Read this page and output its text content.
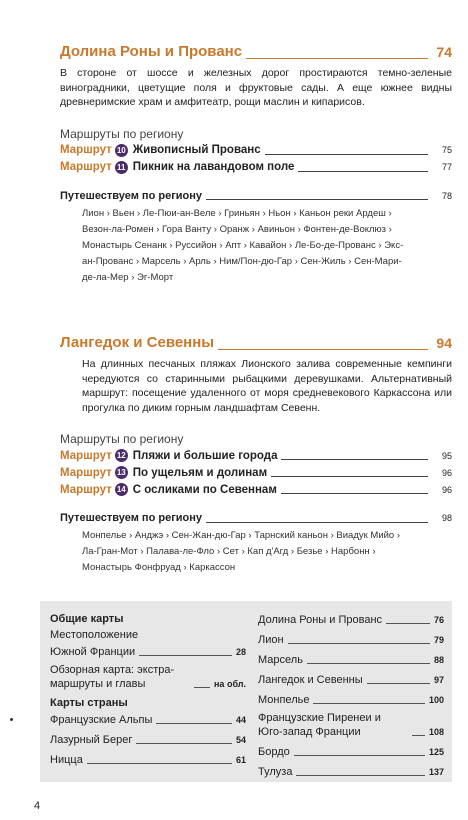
Долина Роны и Прованс	74

В стороне от шоссе и железных дорог простираются темно-зеленые виноградники, цветущие поля и фруктовые сады. А еще южнее видны древнеримские храм и амфитеатр, рощи маслин и кипарисов.

Маршруты по региону
Маршрут 10 Живописный Прованс	75
Маршрут 11 Пикник на лавандовом поле	77
Путешествуем по региону	78
Лион › Вьен › Ле-Пюи-ан-Веле › Гриньян › Ньон › Каньон реки Ардеш › Везон-ла-Ромен › Гора Ванту › Оранж › Авиньон › Фонтен-де-Воклюз › Монастырь Сенанк › Руссийон › Апт › Кавайон › Ле-Бо-де-Прованс › Экс-ан-Прованс › Марсель › Арль › Ним/Пон-дю-Гар › Сен-Жиль › Сен-Мари-де-ла-Мер › Эг-Морт
Лангедок и Севенны	94

На длинных песчаных пляжах Лионского залива современные кемпинги чередуются со старинными рыбацкими деревушками. Альтернативный маршрут: посещение удаленного от моря средневекового Каркассона или прогулка по диким горным ландшафтам Севенн.

Маршруты по региону
Маршрут 12 Пляжи и большие города	95
Маршрут 13 По ущельям и долинам	96
Маршрут 14 С осликами по Севеннам	96
Путешествуем по региону	98
Монпелье › Анджэ › Сен-Жан-дю-Гар › Тарнский каньон › Виадук Мийо › Ла-Гран-Мот › Палава-ле-Фло › Сет › Кап д'Агд › Безье › Нарбонн › Монастырь Фонфруад › Каркассон
Общие карты
Местоположение
Южной Франции	28
Обзорная карта: экстра-маршруты и главы	на обл.
Карты страны
Французские Альпы	44
Лазурный Берег	54
Ницца	61
Долина Роны и Прованс	76
Лион	79
Марсель	88
Лангедок и Севенны	97
Монпелье	100
Французские Пиренеи и Юго-запад Франции	108
Бордо	125
Тулуза	137
4
